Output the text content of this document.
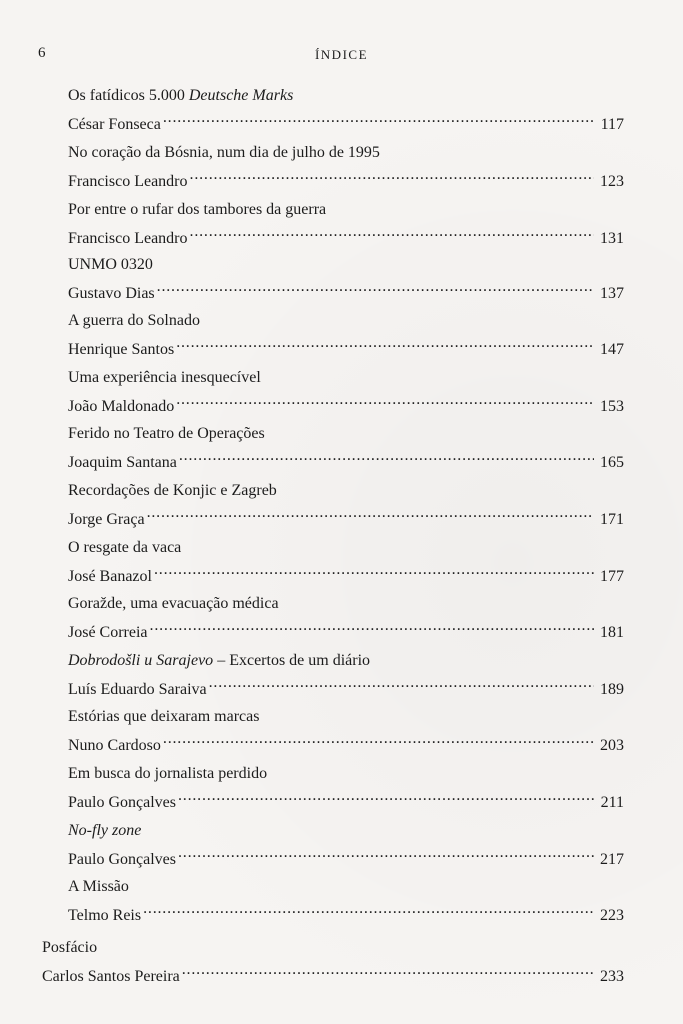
6	ÍNDICE
Os fatídicos 5.000 Deutsche Marks
César Fonseca . . .	117
No coração da Bósnia, num dia de julho de 1995
Francisco Leandro . . .	123
Por entre o rufar dos tambores da guerra
Francisco Leandro . . .	131
UNMO 0320
Gustavo Dias . . .	137
A guerra do Solnado
Henrique Santos . . .	147
Uma experiência inesquecível
João Maldonado . . .	153
Ferido no Teatro de Operações
Joaquim Santana . . .	165
Recordações de Konjic e Zagreb
Jorge Graça . . .	171
O resgate da vaca
José Banazol . . .	177
Goražde, uma evacuação médica
José Correia . . .	181
Dobrodošli u Sarajevo – Excertos de um diário
Luís Eduardo Saraiva . . .	189
Estórias que deixaram marcas
Nuno Cardoso . . .	203
Em busca do jornalista perdido
Paulo Gonçalves . . .	211
No-fly zone
Paulo Gonçalves . . .	217
A Missão
Telmo Reis . . .	223
Posfácio
Carlos Santos Pereira . . .	233
